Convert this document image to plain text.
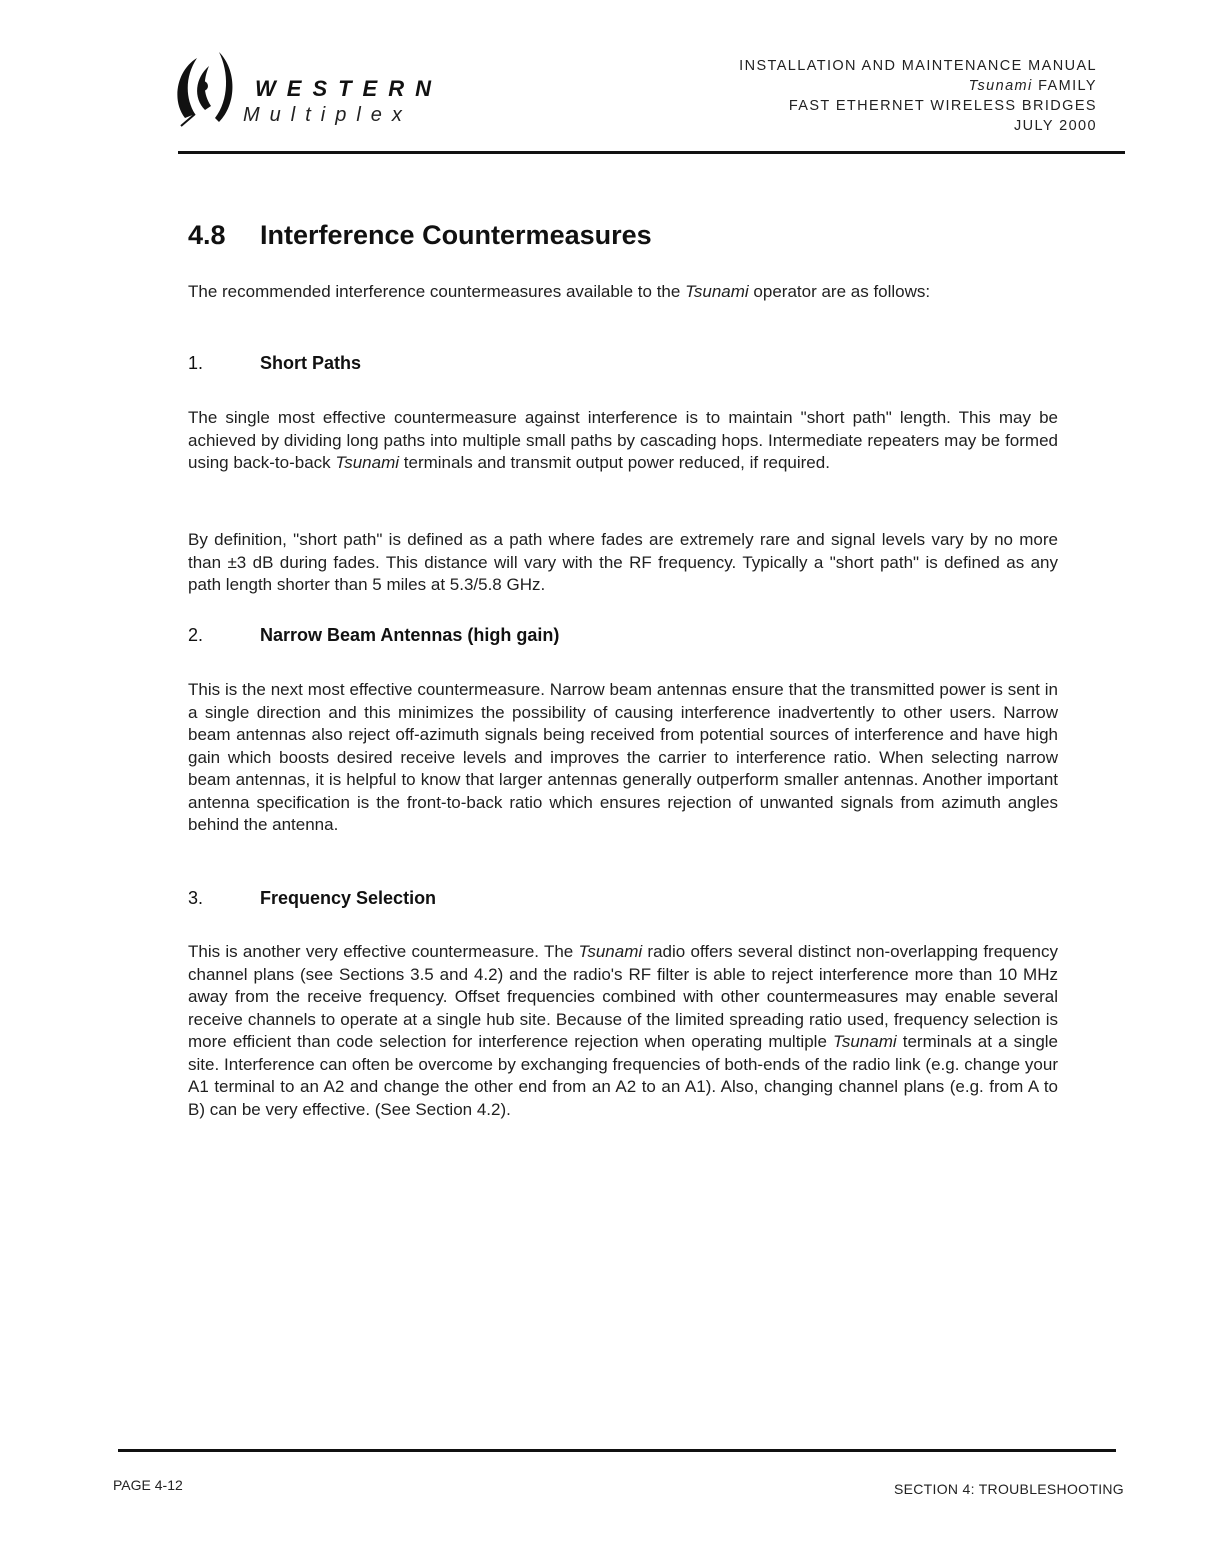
WESTERN
Multiplex
INSTALLATION AND MAINTENANCE MANUAL
Tsunami FAMILY
FAST ETHERNET WIRELESS BRIDGES
JULY 2000
4.8 Interference Countermeasures
The recommended interference countermeasures available to the Tsunami operator are as follows:
1.	Short Paths
The single most effective countermeasure against interference is to maintain "short path" length. This may be achieved by dividing long paths into multiple small paths by cascading hops. Intermediate repeaters may be formed using back-to-back Tsunami terminals and transmit output power reduced, if required.
By definition, "short path" is defined as a path where fades are extremely rare and signal levels vary by no more than ±3 dB during fades. This distance will vary with the RF frequency. Typically a "short path" is defined as any path length shorter than 5 miles at 5.3/5.8 GHz.
2.	Narrow Beam Antennas (high gain)
This is the next most effective countermeasure. Narrow beam antennas ensure that the transmitted power is sent in a single direction and this minimizes the possibility of causing interference inadvertently to other users. Narrow beam antennas also reject off-azimuth signals being received from potential sources of interference and have high gain which boosts desired receive levels and improves the carrier to interference ratio. When selecting narrow beam antennas, it is helpful to know that larger antennas generally outperform smaller antennas. Another important antenna specification is the front-to-back ratio which ensures rejection of unwanted signals from azimuth angles behind the antenna.
3.	Frequency Selection
This is another very effective countermeasure. The Tsunami radio offers several distinct non-overlapping frequency channel plans (see Sections 3.5 and 4.2) and the radio's RF filter is able to reject interference more than 10 MHz away from the receive frequency. Offset frequencies combined with other countermeasures may enable several receive channels to operate at a single hub site. Because of the limited spreading ratio used, frequency selection is more efficient than code selection for interference rejection when operating multiple Tsunami terminals at a single site. Interference can often be overcome by exchanging frequencies of both-ends of the radio link (e.g. change your A1 terminal to an A2 and change the other end from an A2 to an A1). Also, changing channel plans (e.g. from A to B) can be very effective. (See Section 4.2).
PAGE 4-12	SECTION 4: TROUBLESHOOTING
